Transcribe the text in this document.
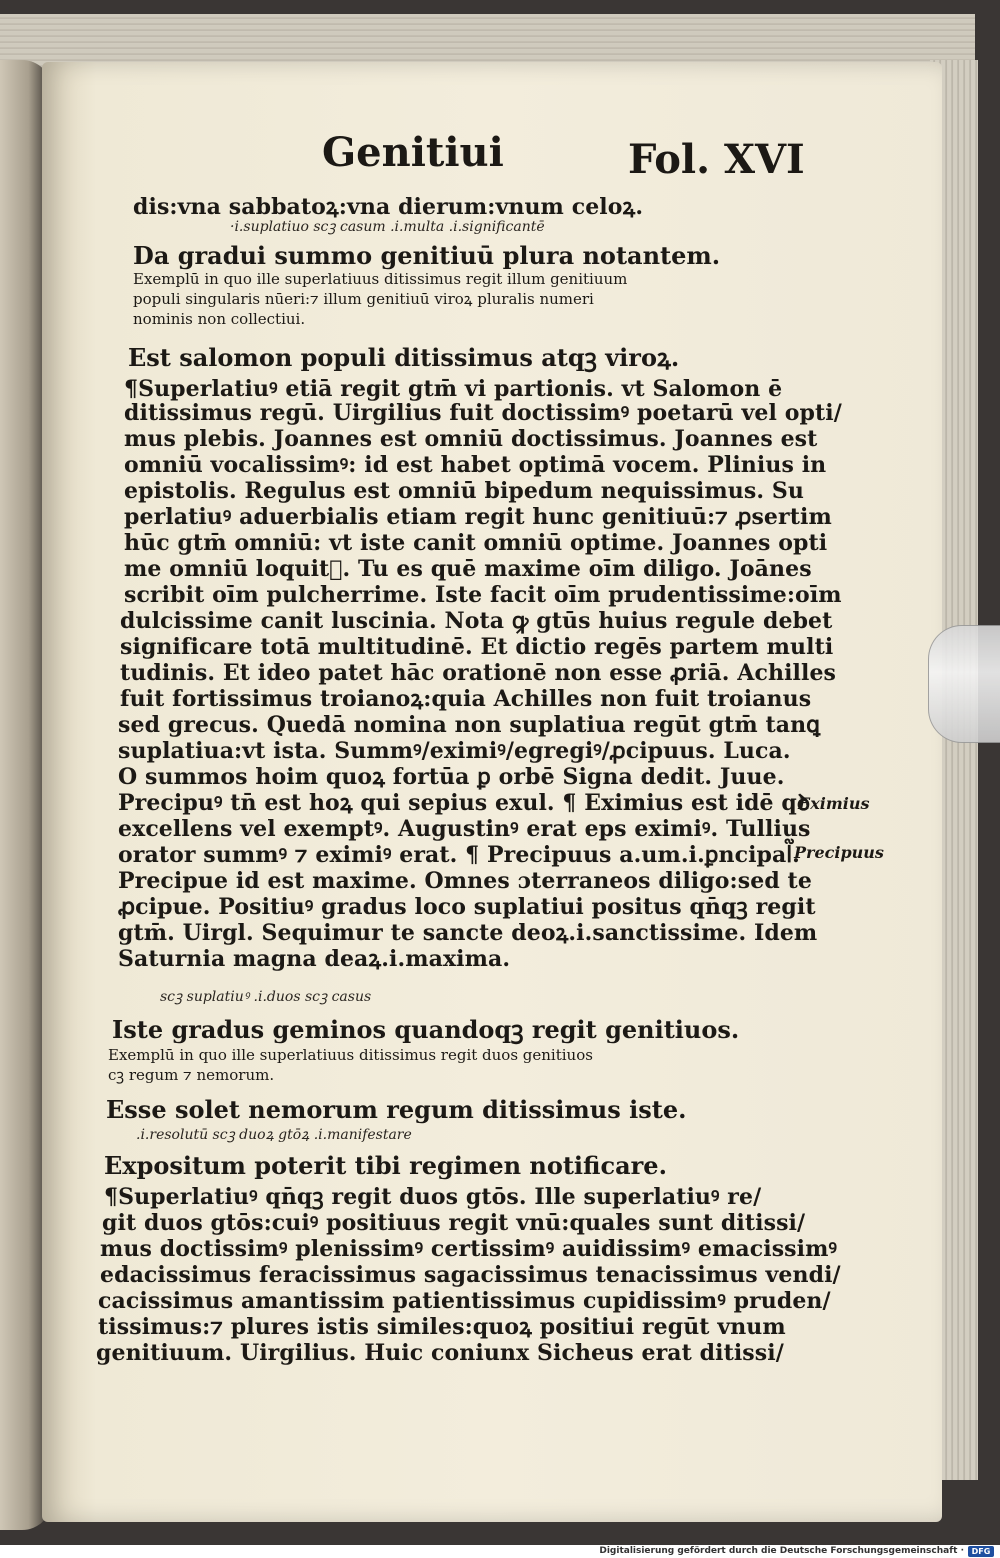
Genitiui	Fol. XVI
dis:vna sabbatoꝝ:vna dierum:vnum celoꝝ.
·i.suplatiuo scꝫ casum .i.multa .i.significantē
Da gradui summo genitiuū plura notantem.
Exemplū in quo ille superlatiuus ditissimus regit illum genitiuum
populi singularis nūeri:⁊ illum genitiuū viroꝝ pluralis numeri
nominis non collectiui.
Est salomon populi ditissimus atqꝫ viroꝝ.
¶Superlatiuꝰ etiā regit gtm̄ vi partionis. vt Salomon ē
ditissimus regū. Uirgilius fuit doctissimꝰ poetarū vel opti/
mus plebis. Joannes est omniū doctissimus. Joannes est
omniū vocalissimꝰ: id est habet optimā vocem. Plinius in
epistolis. Regulus est omniū bipedum nequissimus. Su
perlatiuꝰ aduerbialis etiam regit hunc genitiuū:⁊ ꝓsertim
hūc gtm̄ omniū: vt iste canit omniū optime. Joannes opti
me omniū loquit᷑. Tu es quē maxime oīm diligo. Joānes
scribit oīm pulcherrime. Iste facit oīm prudentissime:oīm
dulcissime canit luscinia. Nota ꝙ gtūs huius regule debet
significare totā multitudinē. Et dictio regēs partem multi
tudinis. Et ideo patet hāc orationē non esse ꝓriā. Achilles
fuit fortissimus troianoꝝ:quia Achilles non fuit troianus
sed grecus. Quedā nomina non suplatiua regūt gtm̄ tanꝗ
suplatiua:vt ista. Summꝰ/eximiꝰ/egregiꝰ/ꝓcipuus. Luca.
O summos hoim quoꝝ fortūa ꝑ orbē Signa dedit. Juue.
Precipuꝰ tn̄ est hoꝝ qui sepius exul. ¶ Eximius est idē qꝺ
excellens vel exemptꝰ. Augustinꝰ erat eps eximiꝰ. Tullius
orator summꝰ ⁊ eximiꝰ erat. ¶ Precipuus a.um.i.ꝑncipal᷑.
Precipue id est maxime. Omnes ɔterraneos diligo:sed te
ꝓcipue. Positiuꝰ gradus loco suplatiui positus qn̄qꝫ regit
gtm̄. Uirgl. Sequimur te sancte deoꝝ.i.sanctissime. Idem
Saturnia magna deaꝝ.i.maxima.
scꝫ suplatiuꝰ .i.duos scꝫ casus
Iste gradus geminos quandoqꝫ regit genitiuos.
Exemplū in quo ille superlatiuus ditissimus regit duos genitiuos
cꝫ regum ⁊ nemorum.
Esse solet nemorum regum ditissimus iste.
.i.resolutū scꝫ duoꝝ gtōꝝ .i.manifestare
Expositum poterit tibi regimen notificare.
¶Superlatiuꝰ qn̄qꝫ regit duos gtōs. Ille superlatiuꝰ re/
git duos gtōs:cuiꝰ positiuus regit vnū:quales sunt ditissi/
mus doctissimꝰ plenissimꝰ certissimꝰ auidissimꝰ emacissimꝰ
edacissimus feracissimus sagacissimus tenacissimus vendi/
cacissimus amantissim patientissimus cupidissimꝰ pruden/
tissimus:⁊ plures istis similes:quoꝝ positiui regūt vnum
genitiuum. Uirgilius. Huic coniunx Sicheus erat ditissi/
Eximius
Precipuus
Digitalisierung gefördert durch die Deutsche Forschungsgemeinschaft · DFG
